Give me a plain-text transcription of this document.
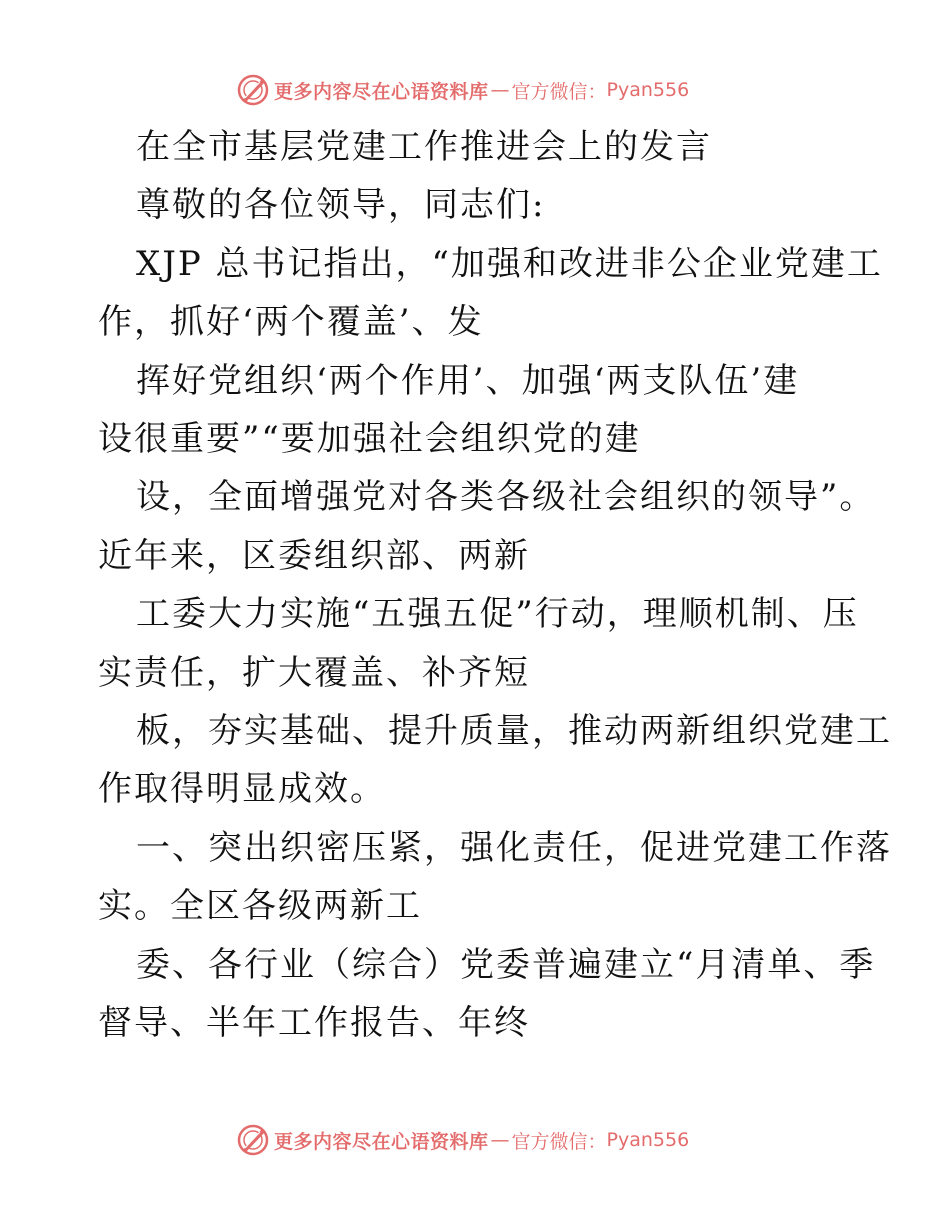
更多内容尽在心语资料库 — 官方微信： Pyan556

在全市基层党建工作推进会上的发言

尊敬的各位领导，同志们:

XJP 总书记指出，“加强和改进非公企业党建工

作，抓好‘两个覆盖’、发

挥好党组织‘两个作用’、加强‘两支队伍’建

设很重要”“要加强社会组织党的建

设，全面增强党对各类各级社会组织的领导”。

近年来，区委组织部、两新

工委大力实施“五强五促”行动，理顺机制、压

实责任，扩大覆盖、补齐短

板，夯实基础、提升质量，推动两新组织党建工

作取得明显成效。

一、突出织密压紧，强化责任，促进党建工作落

实。全区各级两新工

委、各行业（综合）党委普遍建立“月清单、季

督导、半年工作报告、年终

更多内容尽在心语资料库 — 官方微信： Pyan556
